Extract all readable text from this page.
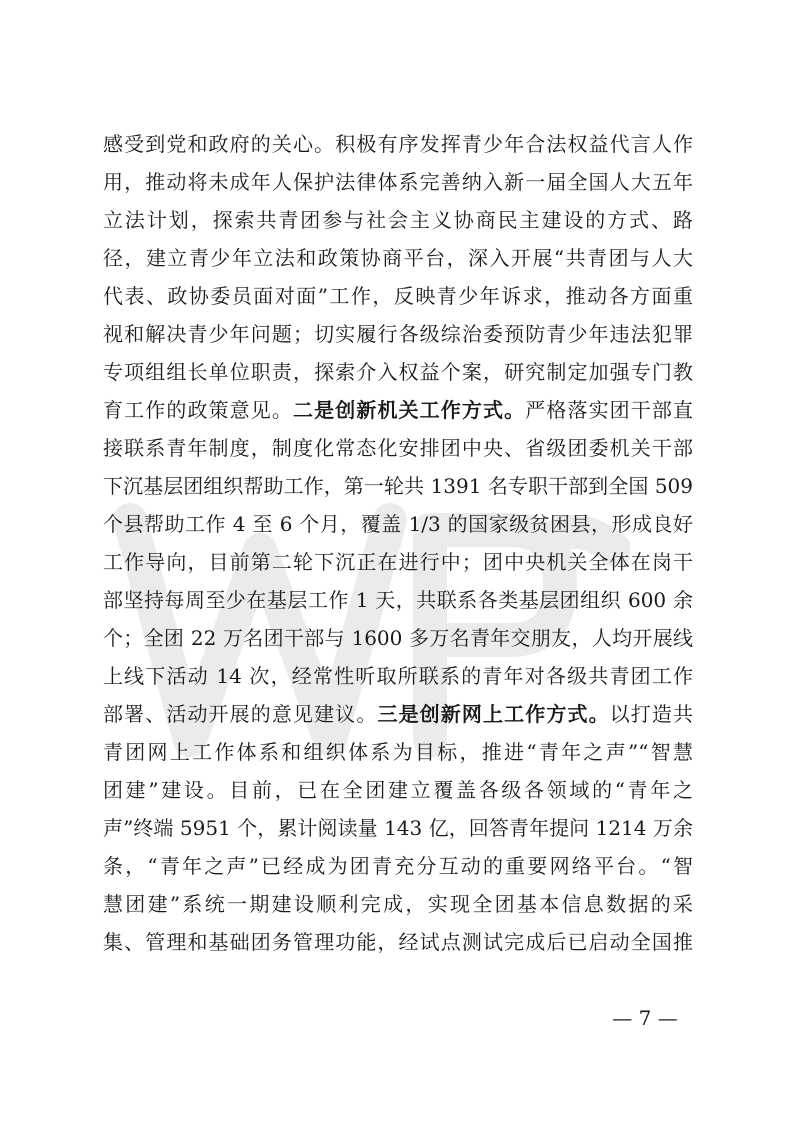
感受到党和政府的关心。积极有序发挥青少年合法权益代言人作
用，推动将未成年人保护法律体系完善纳入新一届全国人大五年
立法计划，探索共青团参与社会主义协商民主建设的方式、路
径，建立青少年立法和政策协商平台，深入开展“共青团与人大
代表、政协委员面对面”工作，反映青少年诉求，推动各方面重
视和解决青少年问题；切实履行各级综治委预防青少年违法犯罪
专项组组长单位职责，探索介入权益个案，研究制定加强专门教
育工作的政策意见。二是创新机关工作方式。严格落实团干部直
接联系青年制度，制度化常态化安排团中央、省级团委机关干部
下沉基层团组织帮助工作，第一轮共 1391 名专职干部到全国 509
个县帮助工作 4 至 6 个月，覆盖 1/3 的国家级贫困县，形成良好
工作导向，目前第二轮下沉正在进行中；团中央机关全体在岗干
部坚持每周至少在基层工作 1 天，共联系各类基层团组织 600 余
个；全团 22 万名团干部与 1600 多万名青年交朋友，人均开展线
上线下活动 14 次，经常性听取所联系的青年对各级共青团工作
部署、活动开展的意见建议。三是创新网上工作方式。以打造共
青团网上工作体系和组织体系为目标，推进“青年之声”“智慧
团建”建设。目前，已在全团建立覆盖各级各领域的“青年之
声”终端 5951 个，累计阅读量 143 亿，回答青年提问 1214 万余
条，“青年之声”已经成为团青充分互动的重要网络平台。“智
慧团建”系统一期建设顺利完成，实现全团基本信息数据的采
集、管理和基础团务管理功能，经试点测试完成后已启动全国推
— 7 —
